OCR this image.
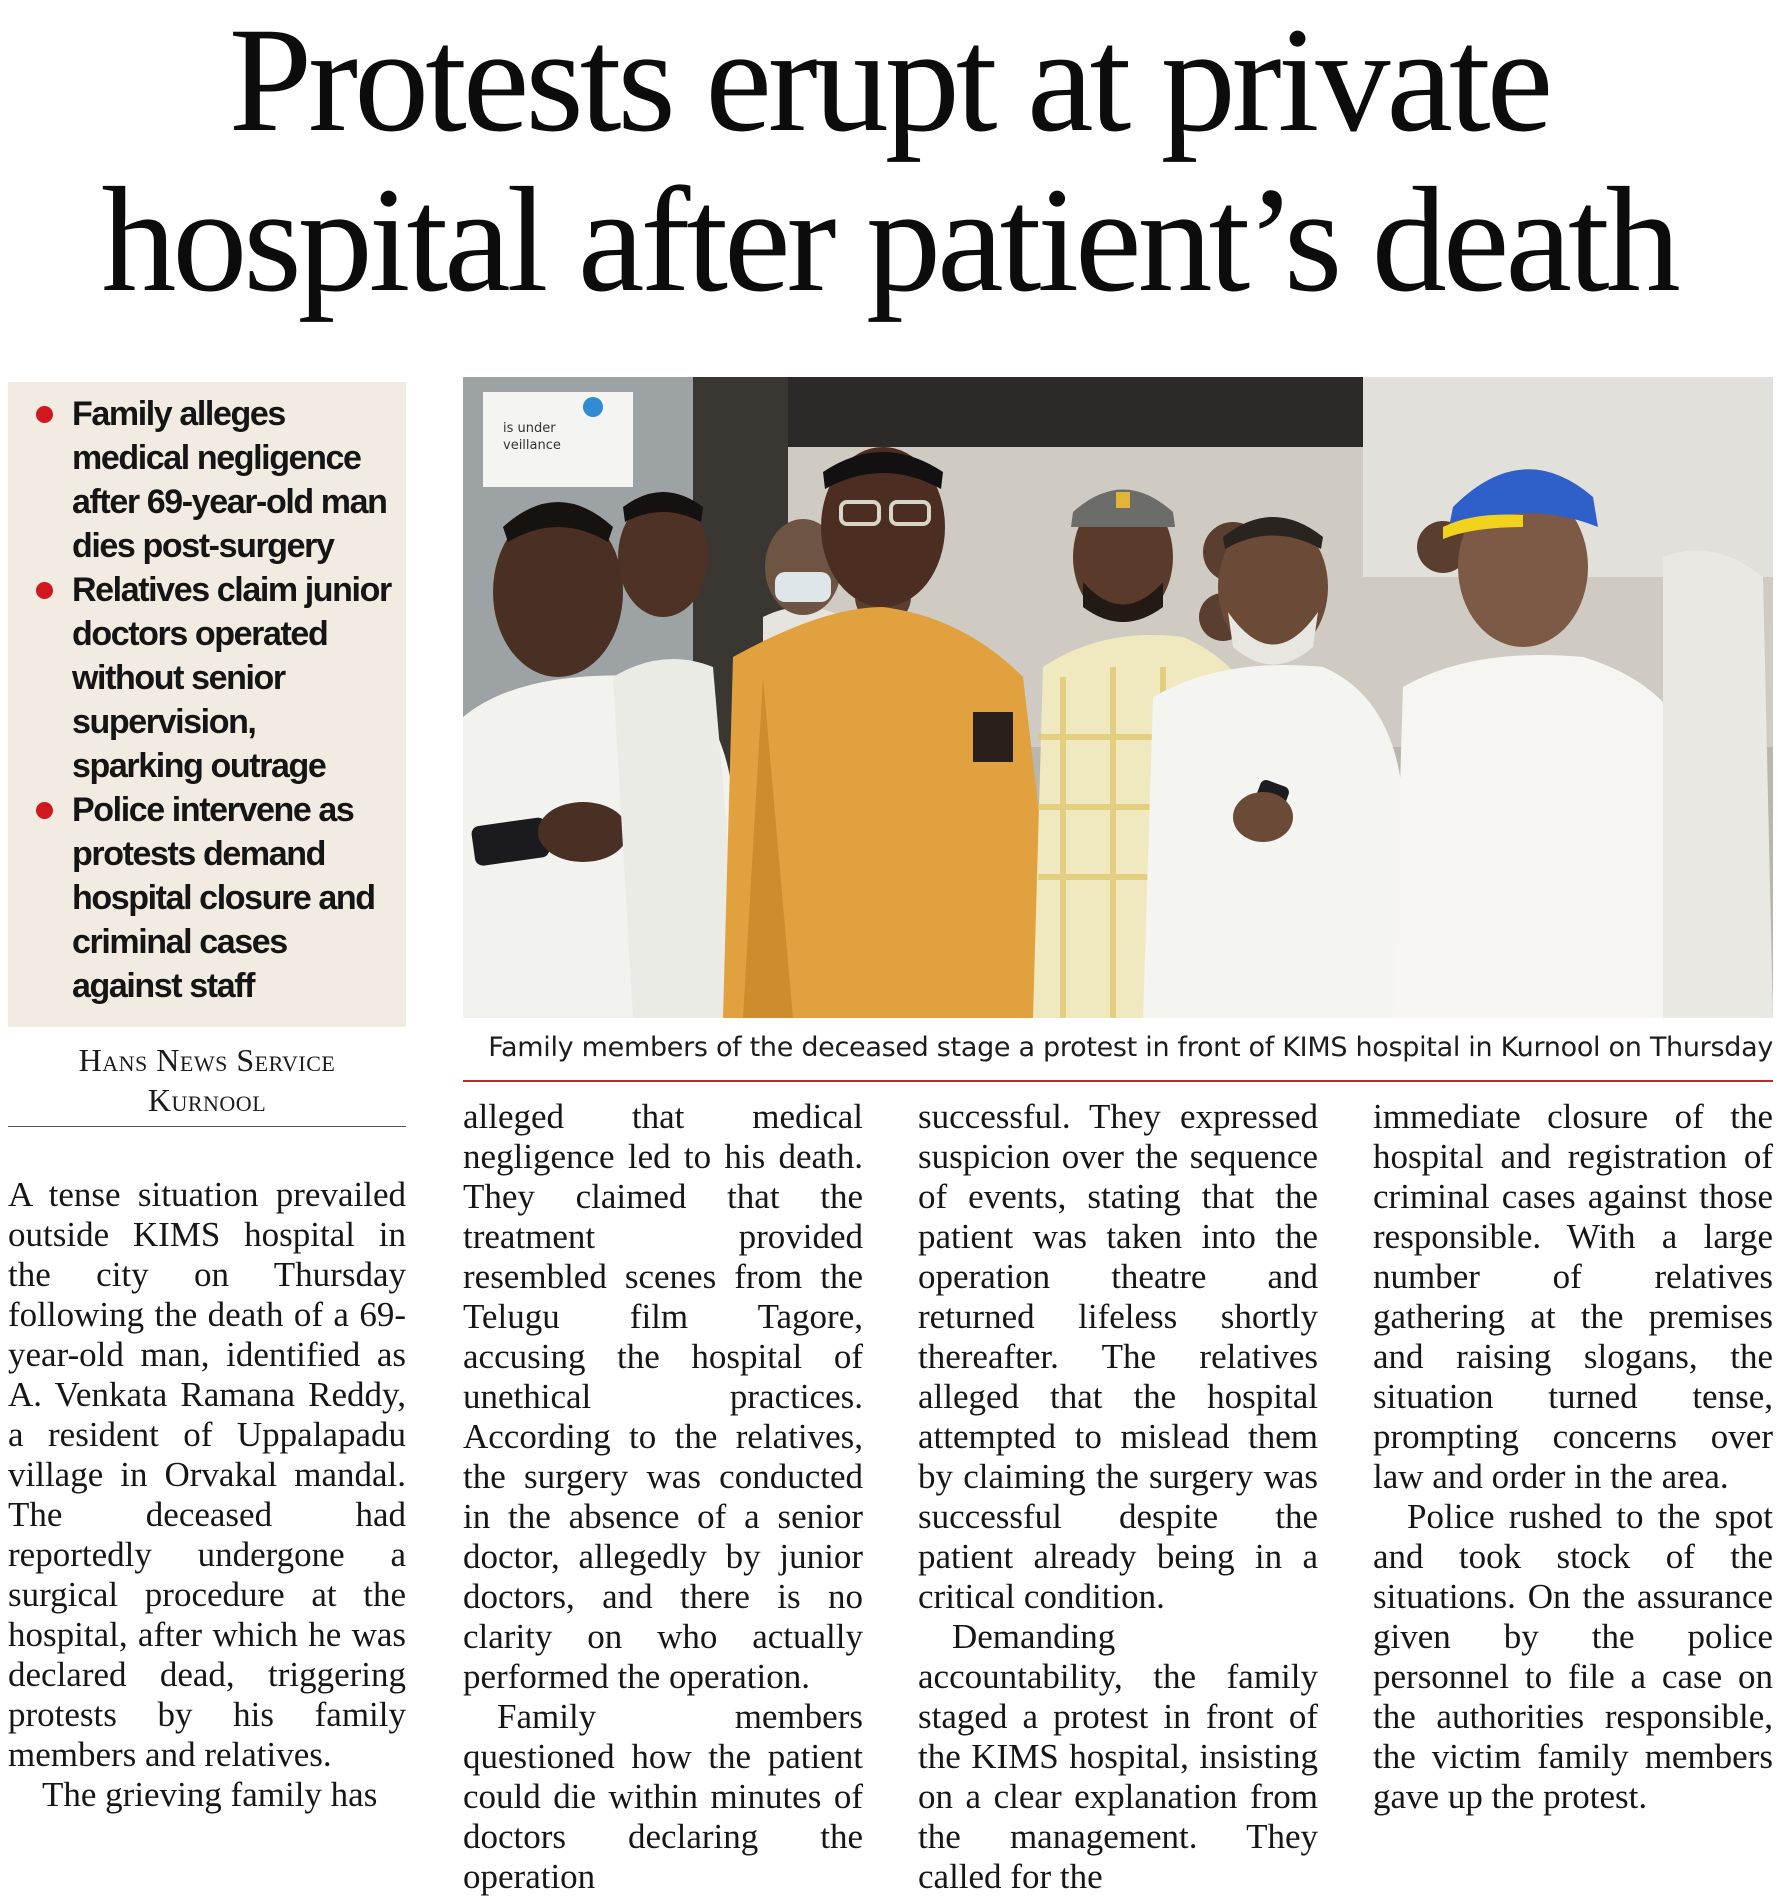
Protests erupt at private
hospital after patient’s death
Family alleges medical negligence after 69-year-old man dies post-surgery
Relatives claim junior doctors operated without senior supervision, sparking outrage
Police intervene as protests demand hospital closure and criminal cases against staff
is under
veillance
Family members of the deceased stage a protest in front of KIMS hospital in Kurnool on Thursday
Hans News Service
Kurnool

A tense situation prevailed outside KIMS hospital in the city on Thursday following the death of a 69-year-old man, identified as A. Venkata Ramana Reddy, a resident of Uppalapadu village in Orvakal mandal. The deceased had reportedly undergone a surgical procedure at the hospital, after which he was declared dead, triggering protests by his family members and relatives.

The grieving family has

alleged that medical negligence led to his death. They claimed that the treatment provided resembled scenes from the Telugu film Tagore, accusing the hospital of unethical practices. According to the relatives, the surgery was conducted in the absence of a senior doctor, allegedly by junior doctors, and there is no clarity on who actually performed the operation.

Family members questioned how the patient could die within minutes of doctors declaring the operation

successful. They expressed suspicion over the sequence of events, stating that the patient was taken into the operation theatre and returned lifeless shortly thereafter. The relatives alleged that the hospital attempted to mislead them by claiming the surgery was successful despite the patient already being in a critical condition.

Demanding accountability, the family staged a protest in front of the KIMS hospital, insisting on a clear explanation from the management. They called for the

immediate closure of the hospital and registration of criminal cases against those responsible. With a large number of relatives gathering at the premises and raising slogans, the situation turned tense, prompting concerns over law and order in the area.

Police rushed to the spot and took stock of the situations. On the assurance given by the police personnel to file a case on the authorities responsible, the victim family members gave up the protest.
